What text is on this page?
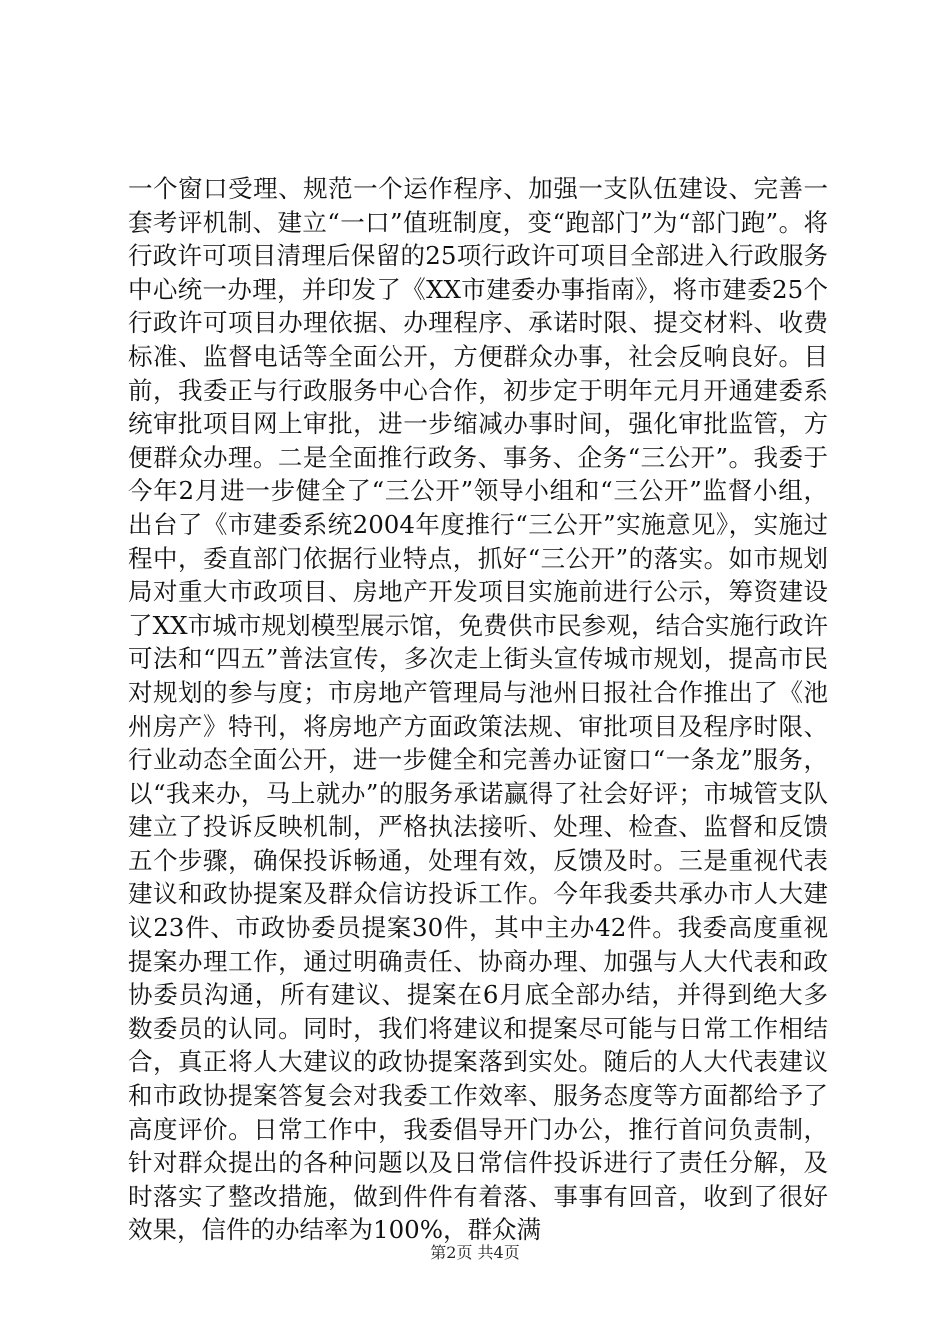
一个窗口受理、规范一个运作程序、加强一支队伍建设、完善一套考评机制、建立“一口”值班制度，变“跑部门”为“部门跑”。将行政许可项目清理后保留的25项行政许可项目全部进入行政服务中心统一办理，并印发了《XX市建委办事指南》，将市建委25个行政许可项目办理依据、办理程序、承诺时限、提交材料、收费标准、监督电话等全面公开，方便群众办事，社会反响良好。目前，我委正与行政服务中心合作，初步定于明年元月开通建委系统审批项目网上审批，进一步缩减办事时间，强化审批监管，方便群众办理。二是全面推行政务、事务、企务“三公开”。我委于今年2月进一步健全了“三公开”领导小组和“三公开”监督小组，出台了《市建委系统2004年度推行“三公开”实施意见》，实施过程中，委直部门依据行业特点，抓好“三公开”的落实。如市规划局对重大市政项目、房地产开发项目实施前进行公示，筹资建设了XX市城市规划模型展示馆，免费供市民参观，结合实施行政许可法和“四五”普法宣传，多次走上街头宣传城市规划，提高市民对规划的参与度；市房地产管理局与池州日报社合作推出了《池州房产》特刊，将房地产方面政策法规、审批项目及程序时限、行业动态全面公开，进一步健全和完善办证窗口“一条龙”服务，以“我来办，马上就办”的服务承诺赢得了社会好评；市城管支队建立了投诉反映机制，严格执法接听、处理、检查、监督和反馈五个步骤，确保投诉畅通，处理有效，反馈及时。三是重视代表建议和政协提案及群众信访投诉工作。今年我委共承办市人大建议23件、市政协委员提案30件，其中主办42件。我委高度重视提案办理工作，通过明确责任、协商办理、加强与人大代表和政协委员沟通，所有建议、提案在6月底全部办结，并得到绝大多数委员的认同。同时，我们将建议和提案尽可能与日常工作相结合，真正将人大建议的政协提案落到实处。随后的人大代表建议和市政协提案答复会对我委工作效率、服务态度等方面都给予了高度评价。日常工作中，我委倡导开门办公，推行首问负责制，针对群众提出的各种问题以及日常信件投诉进行了责任分解，及时落实了整改措施，做到件件有着落、事事有回音，收到了很好效果，信件的办结率为100%，群众满

第2页 共4页
